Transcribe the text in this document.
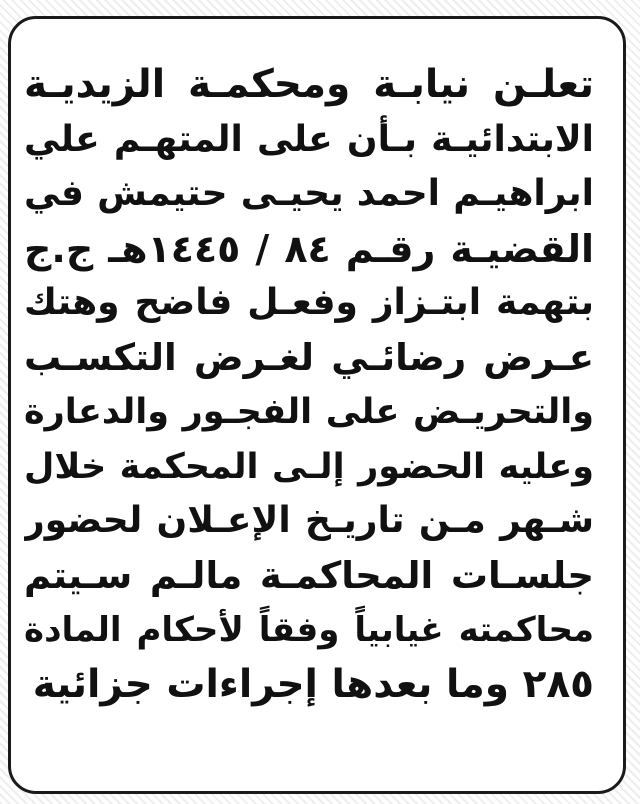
تعلـن نيابـة ومحكمـة الزيديـة
الابتدائيـة بـأن على المتهـم علي
ابراهيـم احمد يحيـى حتيمش في
القضيـة رقـم ٨٤ / ١٤٤٥هـ ج.ج
بتهمة ابتـزاز وفعـل فاضح وهتك
عـرض رضائـي لغـرض التكسـب
والتحريـض على الفجـور والدعارة
وعليه الحضور إلـى المحكمة خلال
شـهر مـن تاريـخ الإعـلان لحضور
جلسـات المحاكمـة مالـم سـيتم
محاكمته غيابياً وفقاً لأحكام المادة
٢٨٥ وما بعدها إجراءات جزائية
